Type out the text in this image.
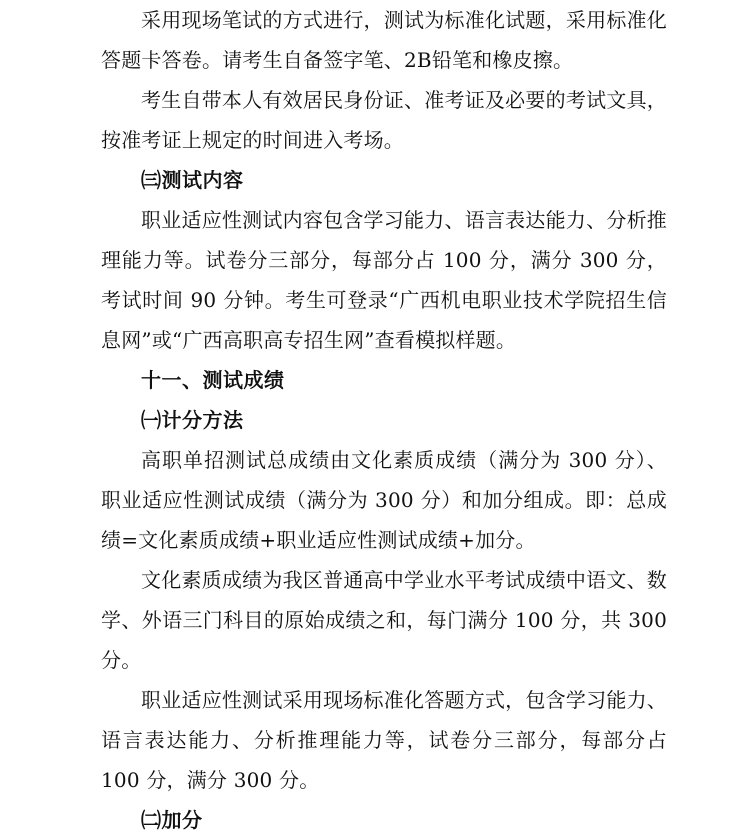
采用现场笔试的方式进行，测试为标准化试题，采用标准化答题卡答卷。请考生自备签字笔、2B铅笔和橡皮擦。

考生自带本人有效居民身份证、准考证及必要的考试文具，按准考证上规定的时间进入考场。

㈢测试内容

职业适应性测试内容包含学习能力、语言表达能力、分析推理能力等。试卷分三部分，每部分占 100 分，满分 300 分，考试时间 90 分钟。考生可登录“广西机电职业技术学院招生信息网”或“广西高职高专招生网”查看模拟样题。

十一、测试成绩
㈠计分方法

高职单招测试总成绩由文化素质成绩（满分为 300 分）、职业适应性测试成绩（满分为 300 分）和加分组成。即：总成绩=文化素质成绩+职业适应性测试成绩+加分。

文化素质成绩为我区普通高中学业水平考试成绩中语文、数学、外语三门科目的原始成绩之和，每门满分 100 分，共 300 分。

职业适应性测试采用现场标准化答题方式，包含学习能力、语言表达能力、分析推理能力等，试卷分三部分，每部分占 100 分，满分 300 分。

㈡加分
